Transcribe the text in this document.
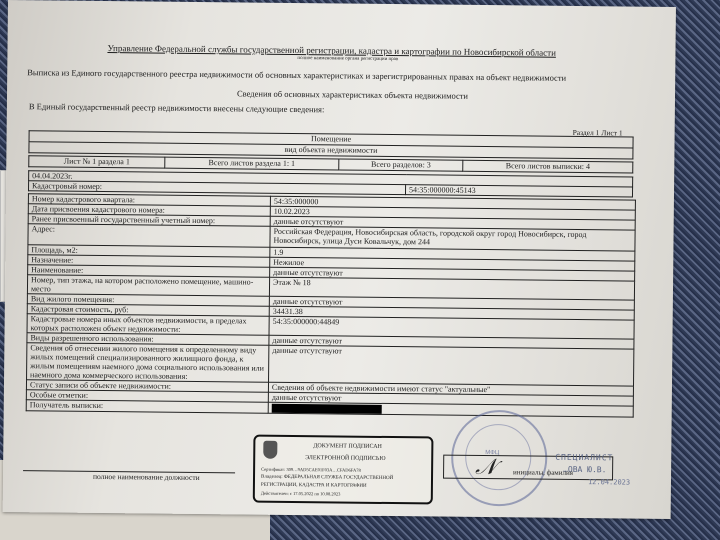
Управление Федеральной службы государственной регистрации, кадастра и картографии по Новосибирской области
полное наименование органа регистрации прав
Выписка из Единого государственного реестра недвижимости об основных характеристиках и зарегистрированных правах на объект недвижимости
Сведения об основных характеристиках объекта недвижимости
В Единый государственный реестр недвижимости внесены следующие сведения:
Раздел 1 Лист 1
Помещение
вид объекта недвижимости
Лист № 1 раздела 1	Всего листов раздела 1: 1	Всего разделов: 3	Всего листов выписки: 4
04.04.2023г.
Кадастровый номер:	54:35:000000:45143
Номер кадастрового квартала:	54:35:000000
Дата присвоения кадастрового номера:	10.02.2023
Ранее присвоенный государственный учетный номер:	данные отсутствуют
Адрес:	Российская Федерация, Новосибирская область, городской округ город Новосибирск, город Новосибирск, улица Дуси Ковальчук, дом 244
Площадь, м2:	1.9
Назначение:	Нежилое
Наименование:	данные отсутствуют
Номер, тип этажа, на котором расположено помещение, машино-место	Этаж № 18
Вид жилого помещения:	данные отсутствуют
Кадастровая стоимость, руб:	34431.38
Кадастровые номера иных объектов недвижимости, в пределах которых расположен объект недвижимости:	54:35:000000:44849
Виды разрешенного использования:	данные отсутствуют
Сведения об отнесении жилого помещения к определенному виду жилых помещений специализированного жилищного фонда, к жилым помещениям наемного дома социального использования или наемного дома коммерческого использования:	данные отсутствуют
Статус записи об объекте недвижимости:	Сведения об объекте недвижимости имеют статус "актуальные"
Особые отметки:	данные отсутствуют
Получатель выписки:	
полное наименование должности
ДОКУМЕНТ ПОДПИСАН
ЭЛЕКТРОННОЙ ПОДПИСЬЮ
Сертификат: 309…9AD5CAE01F03A…CFAD6FA78
Владелец: ФЕДЕРАЛЬНАЯ СЛУЖБА ГОСУДАРСТВЕННОЙ
РЕГИСТРАЦИИ, КАДАСТРА И КАРТОГРАФИИ
Действителен: с 17.05.2022 по 10.08.2023
МФЦ
𝒩	СПЕЦИАЛИСТ
…ОВА Ю.В.
инициалы, фамилия
12.04.2023
